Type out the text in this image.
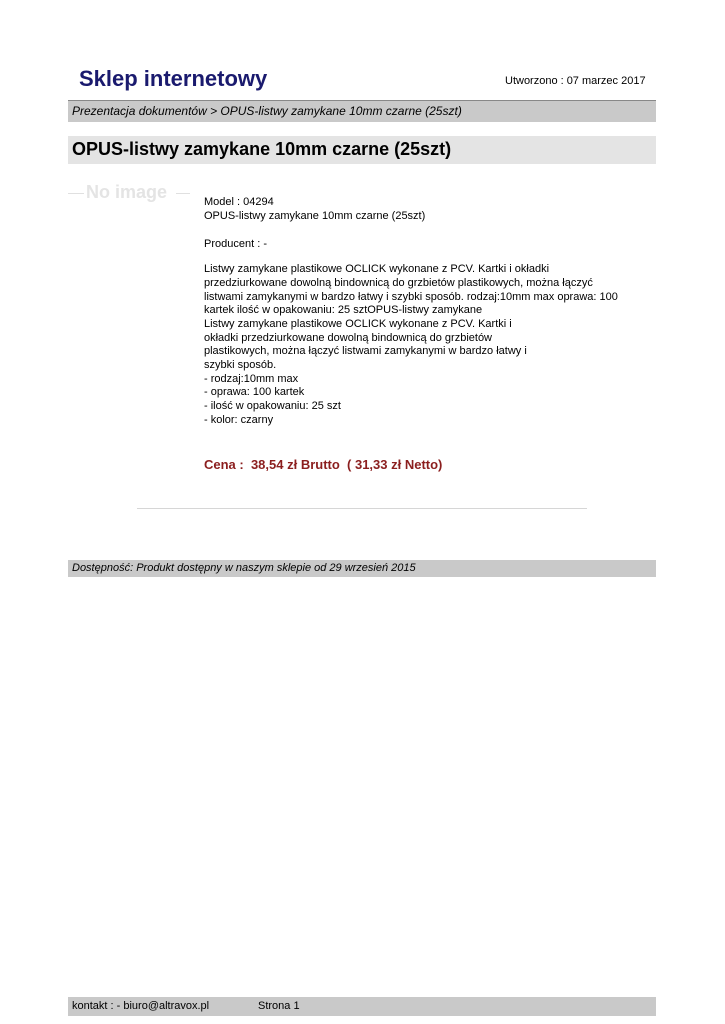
Sklep internetowy	Utworzono : 07 marzec 2017
Prezentacja dokumentów > OPUS-listwy zamykane 10mm czarne (25szt)
OPUS-listwy zamykane 10mm czarne (25szt)
No image	Model : 04294

OPUS-listwy zamykane 10mm czarne (25szt)

Producent : -

Listwy zamykane plastikowe OCLICK wykonane z PCV. Kartki i okładki
przedziurkowane dowolną bindownicą do grzbietów plastikowych, można łączyć
listwami zamykanymi w bardzo łatwy i szybki sposób. rodzaj:10mm max oprawa: 100
kartek ilość w opakowaniu: 25 sztOPUS-listwy zamykane
Listwy zamykane plastikowe OCLICK wykonane z PCV. Kartki i
okładki przedziurkowane dowolną bindownicą do grzbietów
plastikowych, można łączyć listwami zamykanymi w bardzo łatwy i
szybki sposób.
- rodzaj:10mm max
- oprawa: 100 kartek
- ilość w opakowaniu: 25 szt
- kolor: czarny

Cena :  38,54 zł Brutto  ( 31,33 zł Netto)
Dostępność: Produkt dostępny w naszym sklepie od 29 wrzesień 2015
kontakt : - biuro@altravox.pl	Strona 1
